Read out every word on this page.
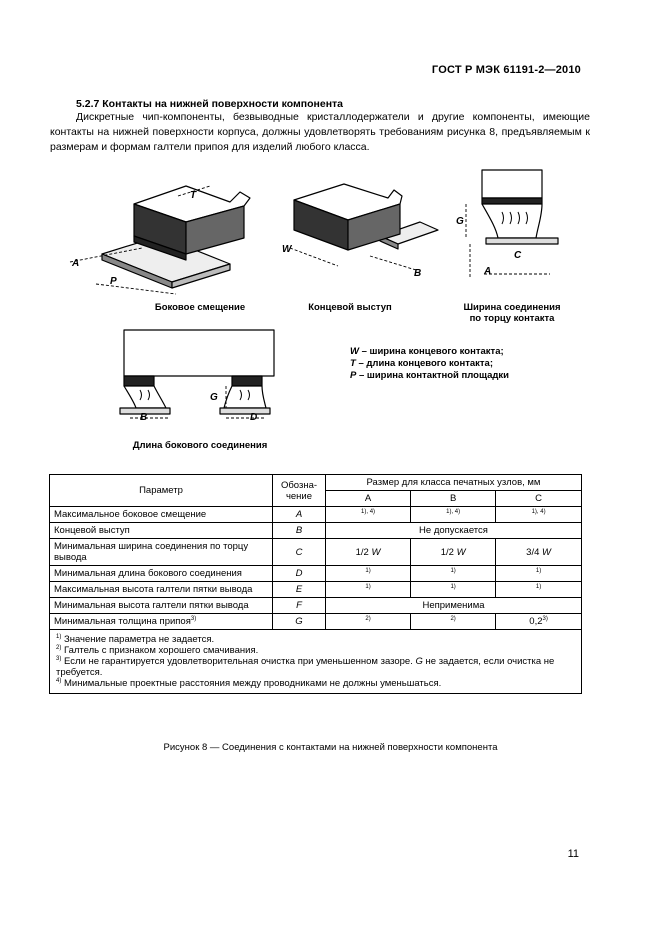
ГОСТ Р МЭК 61191-2—2010
5.2.7 Контакты на нижней поверхности компонента

Дискретные чип-компоненты, безвыводные кристаллодержатели и другие компоненты, имеющие контакты на нижней поверхности корпуса, должны удовлетворять требованиям рисунка 8, предъявляемым к размерам и формам галтели припоя для изделий любого класса.

A
P
T
W
B
G
C
A
G
B	D
Боковое смещение	Концевой выступ	Ширина соединения
по торцу контакта
Длина бокового соединения
W – ширина концевого контакта;
T – длина концевого контакта;
P – ширина контактной площадки
Параметр	Обозна-
чение	Размер для класса печатных узлов, мм		
		A	B	C
Максимальное боковое смещение	A	$^{1), 4)}$	$^{1), 4)}$	$^{1), 4)}$
Концевой выступ	B	Не допускается		
Минимальная ширина соединения по торцу вывода	C	1/2 W	1/2 W	3/4 W
Минимальная длина бокового соединения	D	$^{1)}$	$^{1)}$	$^{1)}$
Максимальная высота галтели пятки вывода	E	$^{1)}$	$^{1)}$	$^{1)}$
Минимальная высота галтели пятки вывода	F	Неприменима		
Минимальная толщина припоя$^{3)}$	G	$^{2)}$	$^{2)}$	0,2$^{3)}$

$^{1)}$ Значение параметра не задается.
$^{2)}$ Галтель с признаком хорошего смачивания.
$^{3)}$ Если не гарантируется удовлетворительная очистка при уменьшенном зазоре. G не задается, если очистка не требуется.
$^{4)}$ Минимальные проектные расстояния между проводниками не должны уменьшаться.				
Рисунок 8 — Соединения с контактами на нижней поверхности компонента
11
